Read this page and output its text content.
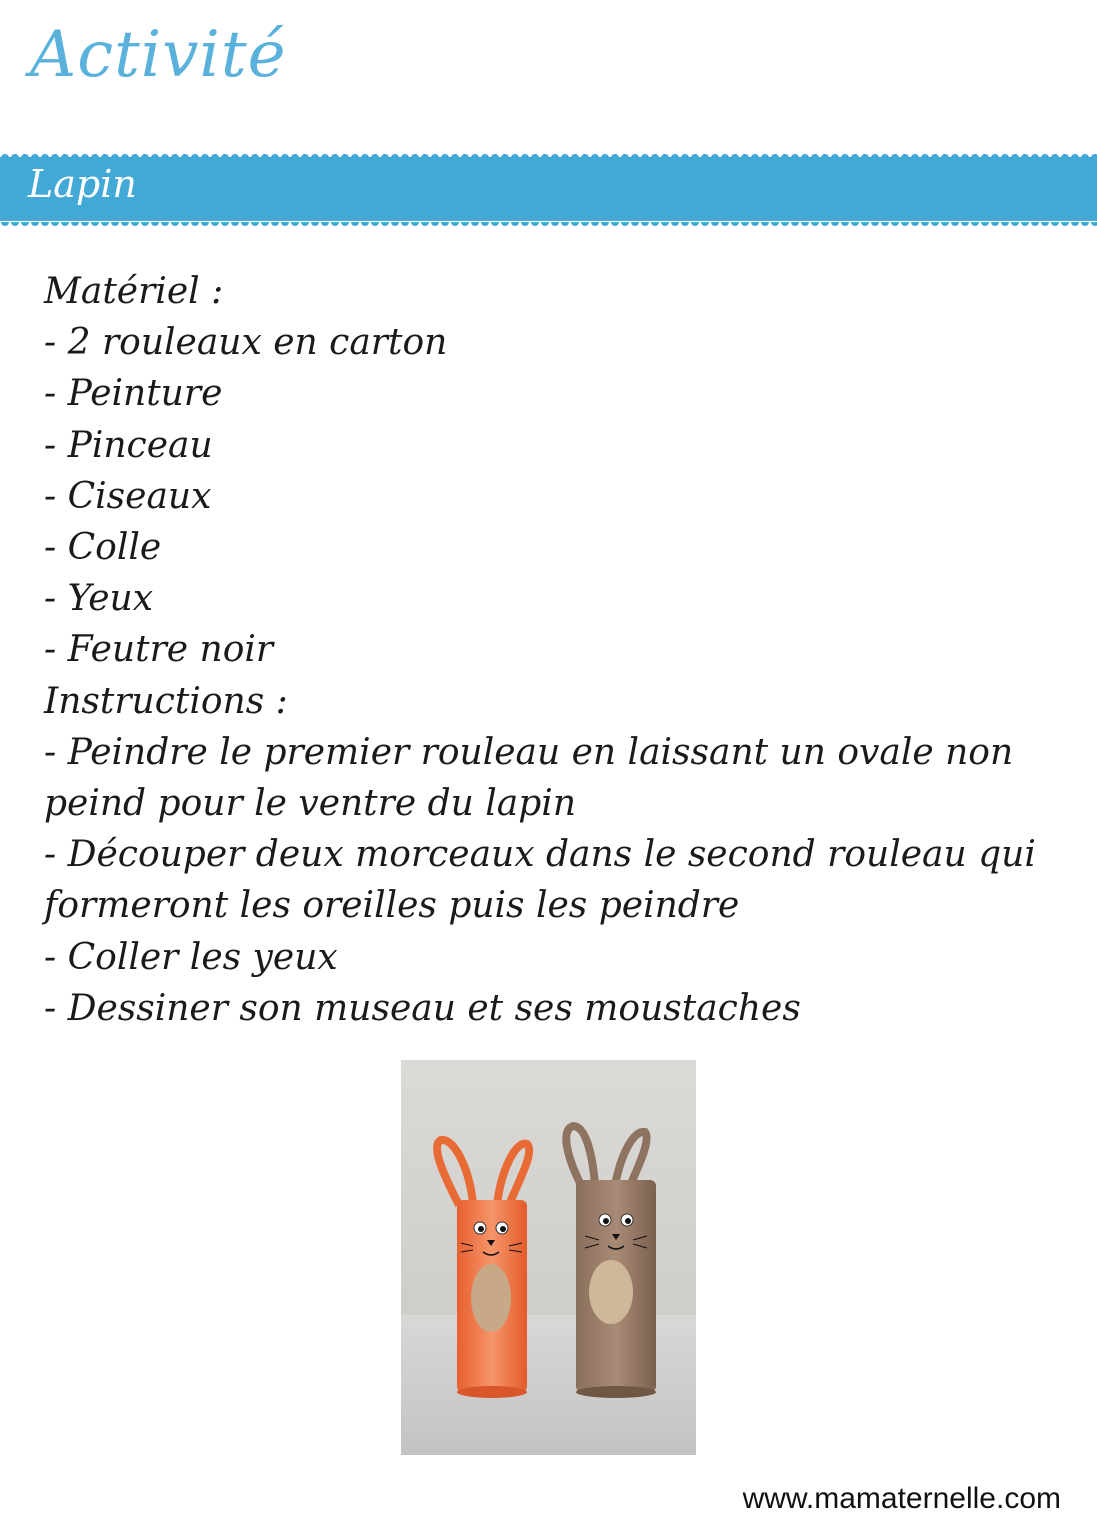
Activité
Lapin

Matériel :

- 2 rouleaux en carton

- Peinture

- Pinceau

- Ciseaux

- Colle

- Yeux

- Feutre noir

Instructions :

- Peindre le premier rouleau en laissant un ovale non peind pour le ventre du lapin

- Découper deux morceaux dans le second rouleau qui formeront les oreilles puis les peindre

- Coller les yeux

- Dessiner son museau et ses moustaches

www.mamaternelle.com
